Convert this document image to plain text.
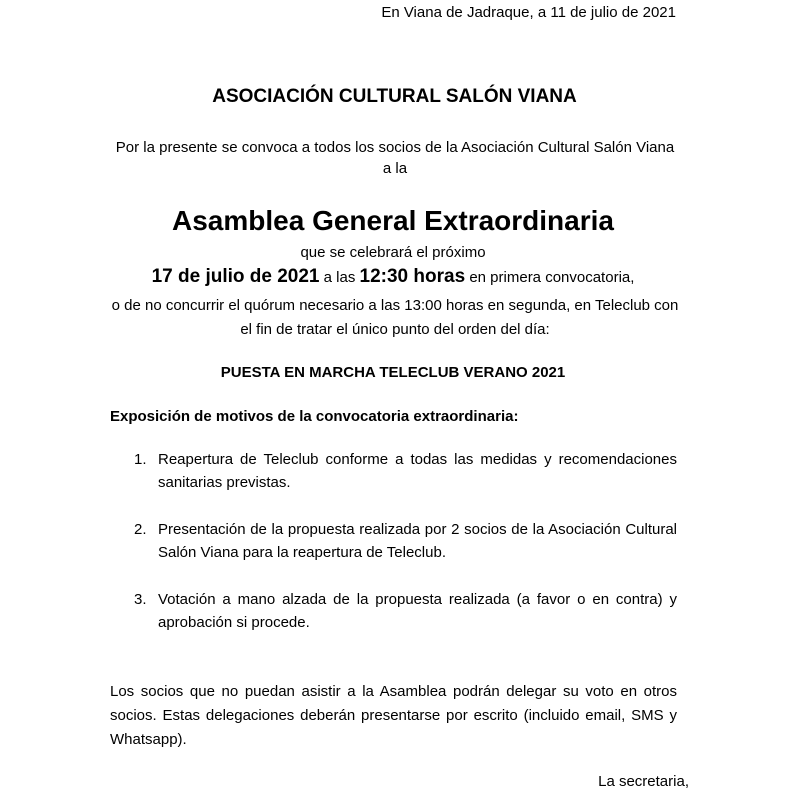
En Viana de Jadraque, a 11 de julio de 2021
ASOCIACIÓN CULTURAL SALÓN VIANA
Por la presente se convoca a todos los socios de la Asociación Cultural Salón Viana a la
Asamblea General Extraordinaria
que se celebrará el próximo
17 de julio de 2021 a las 12:30 horas en primera convocatoria,
o de no concurrir el quórum necesario a las 13:00 horas en segunda, en Teleclub con el fin de tratar el único punto del orden del día:
PUESTA EN MARCHA TELECLUB VERANO 2021
Exposición de motivos de la convocatoria extraordinaria:
1. Reapertura de Teleclub conforme a todas las medidas y recomendaciones sanitarias previstas.
2. Presentación de la propuesta realizada por 2 socios de la Asociación Cultural Salón Viana para la reapertura de Teleclub.
3. Votación a mano alzada de la propuesta realizada (a favor o en contra) y aprobación si procede.
Los socios que no puedan asistir a la Asamblea podrán delegar su voto en otros socios. Estas delegaciones deberán presentarse por escrito (incluido email, SMS y Whatsapp).
La secretaria,
